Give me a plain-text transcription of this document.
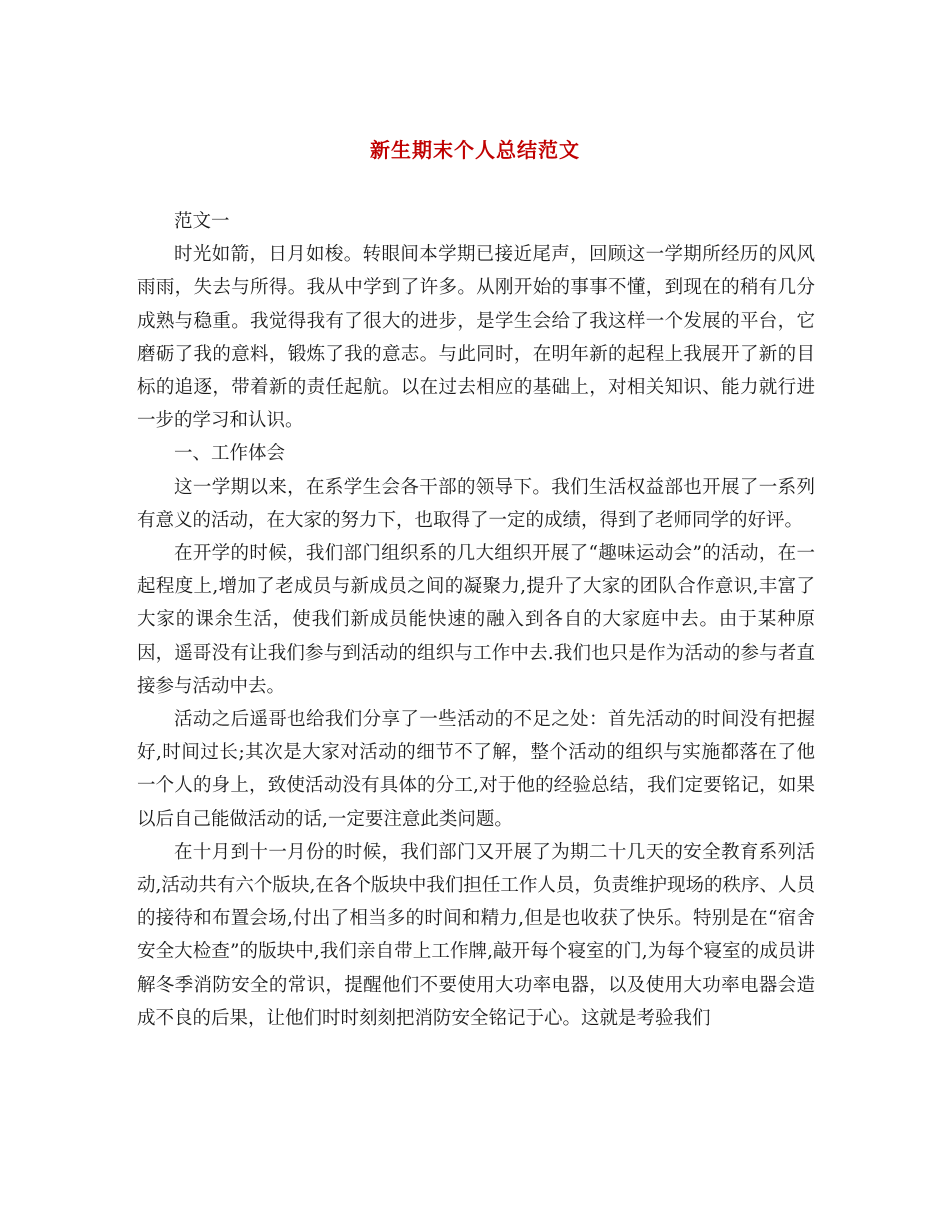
新生期末个人总结范文

范文一

时光如箭，日月如梭。转眼间本学期已接近尾声，回顾这一学期所经历的风风雨雨，失去与所得。我从中学到了许多。从刚开始的事事不懂，到现在的稍有几分成熟与稳重。我觉得我有了很大的进步，是学生会给了我这样一个发展的平台，它磨砺了我的意料，锻炼了我的意志。与此同时，在明年新的起程上我展开了新的目标的追逐，带着新的责任起航。以在过去相应的基础上，对相关知识、能力就行进一步的学习和认识。

一、工作体会

这一学期以来，在系学生会各干部的领导下。我们生活权益部也开展了一系列有意义的活动，在大家的努力下，也取得了一定的成绩，得到了老师同学的好评。

在开学的时候，我们部门组织系的几大组织开展了“趣味运动会”的活动，在一起程度上,增加了老成员与新成员之间的凝聚力,提升了大家的团队合作意识,丰富了大家的课余生活，使我们新成员能快速的融入到各自的大家庭中去。由于某种原因，遥哥没有让我们参与到活动的组织与工作中去.我们也只是作为活动的参与者直接参与活动中去。

活动之后遥哥也给我们分享了一些活动的不足之处：首先活动的时间没有把握好,时间过长;其次是大家对活动的细节不了解，整个活动的组织与实施都落在了他一个人的身上，致使活动没有具体的分工,对于他的经验总结，我们定要铭记，如果以后自己能做活动的话,一定要注意此类问题。

在十月到十一月份的时候，我们部门又开展了为期二十几天的安全教育系列活动,活动共有六个版块,在各个版块中我们担任工作人员，负责维护现场的秩序、人员的接待和布置会场,付出了相当多的时间和精力,但是也收获了快乐。特别是在“宿舍安全大检查”的版块中,我们亲自带上工作牌,敲开每个寝室的门,为每个寝室的成员讲解冬季消防安全的常识，提醒他们不要使用大功率电器，以及使用大功率电器会造成不良的后果，让他们时时刻刻把消防安全铭记于心。这就是考验我们
